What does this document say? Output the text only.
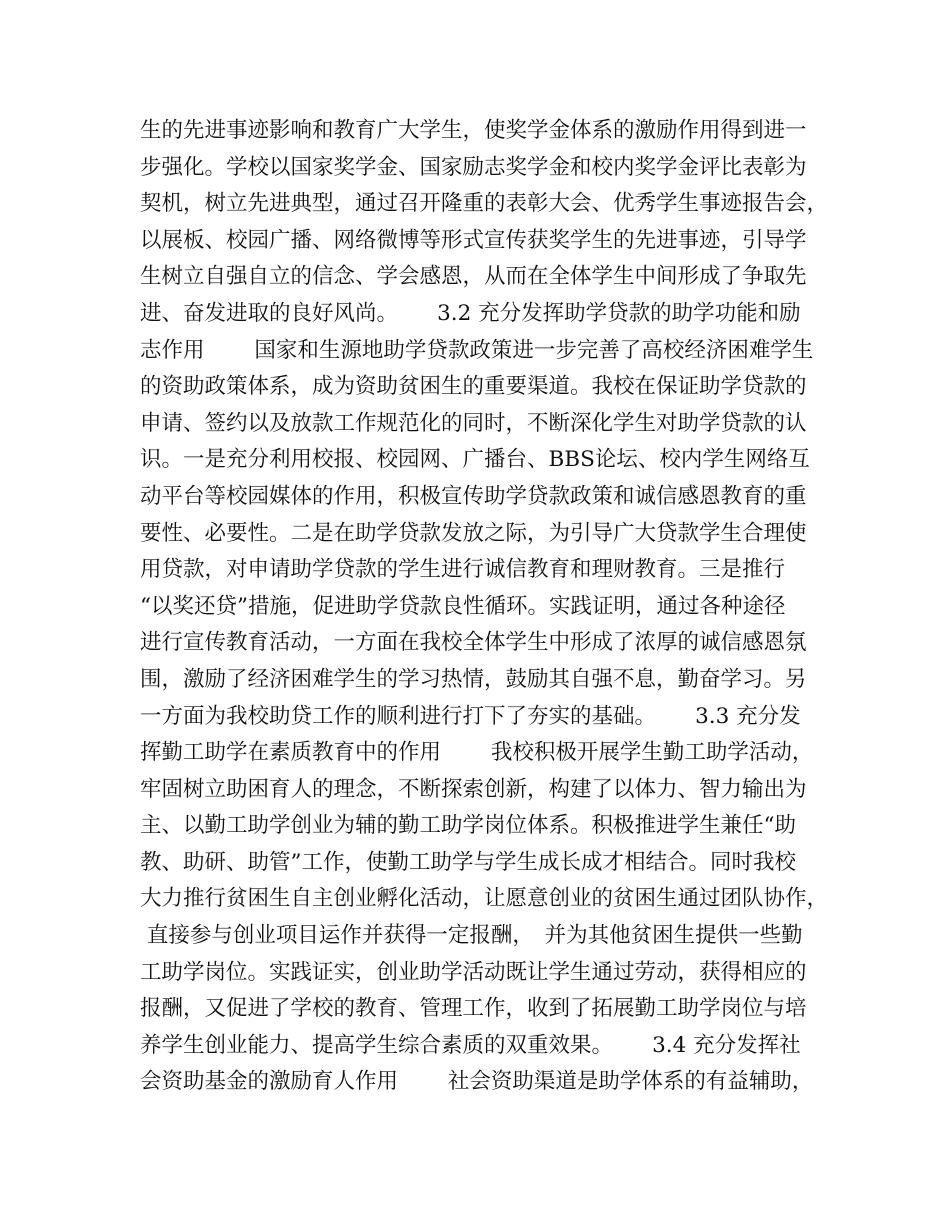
生的先进事迹影响和教育广大学生，使奖学金体系的激励作用得到进一
步强化。学校以国家奖学金、国家励志奖学金和校内奖学金评比表彰为
契机，树立先进典型，通过召开隆重的表彰大会、优秀学生事迹报告会，
以展板、校园广播、网络微博等形式宣传获奖学生的先进事迹，引导学
生树立自强自立的信念、学会感恩，从而在全体学生中间形成了争取先
进、奋发进取的良好风尚。　　 3.2 充分发挥助学贷款的助学功能和励
志作用　　 国家和生源地助学贷款政策进一步完善了高校经济困难学生
的资助政策体系，成为资助贫困生的重要渠道。我校在保证助学贷款的
申请、签约以及放款工作规范化的同时，不断深化学生对助学贷款的认
识。一是充分利用校报、校园网、广播台、BBS论坛、校内学生网络互
动平台等校园媒体的作用，积极宣传助学贷款政策和诚信感恩教育的重
要性、必要性。二是在助学贷款发放之际，为引导广大贷款学生合理使
用贷款，对申请助学贷款的学生进行诚信教育和理财教育。三是推行
“以奖还贷”措施，促进助学贷款良性循环。实践证明，通过各种途径
进行宣传教育活动，一方面在我校全体学生中形成了浓厚的诚信感恩氛
围，激励了经济困难学生的学习热情，鼓励其自强不息，勤奋学习。另
一方面为我校助贷工作的顺利进行打下了夯实的基础。　　 3.3 充分发
挥勤工助学在素质教育中的作用　　 我校积极开展学生勤工助学活动，
牢固树立助困育人的理念，不断探索创新，构建了以体力、智力输出为
主、以勤工助学创业为辅的勤工助学岗位体系。积极推进学生兼任“助
教、助研、助管”工作，使勤工助学与学生成长成才相结合。同时我校
大力推行贫困生自主创业孵化活动，让愿意创业的贫困生通过团队协作，
直接参与创业项目运作并获得一定报酬，　并为其他贫困生提供一些勤
工助学岗位。实践证实，创业助学活动既让学生通过劳动，获得相应的
报酬，又促进了学校的教育、管理工作，收到了拓展勤工助学岗位与培
养学生创业能力、提高学生综合素质的双重效果。　　 3.4 充分发挥社
会资助基金的激励育人作用　　 社会资助渠道是助学体系的有益辅助，
